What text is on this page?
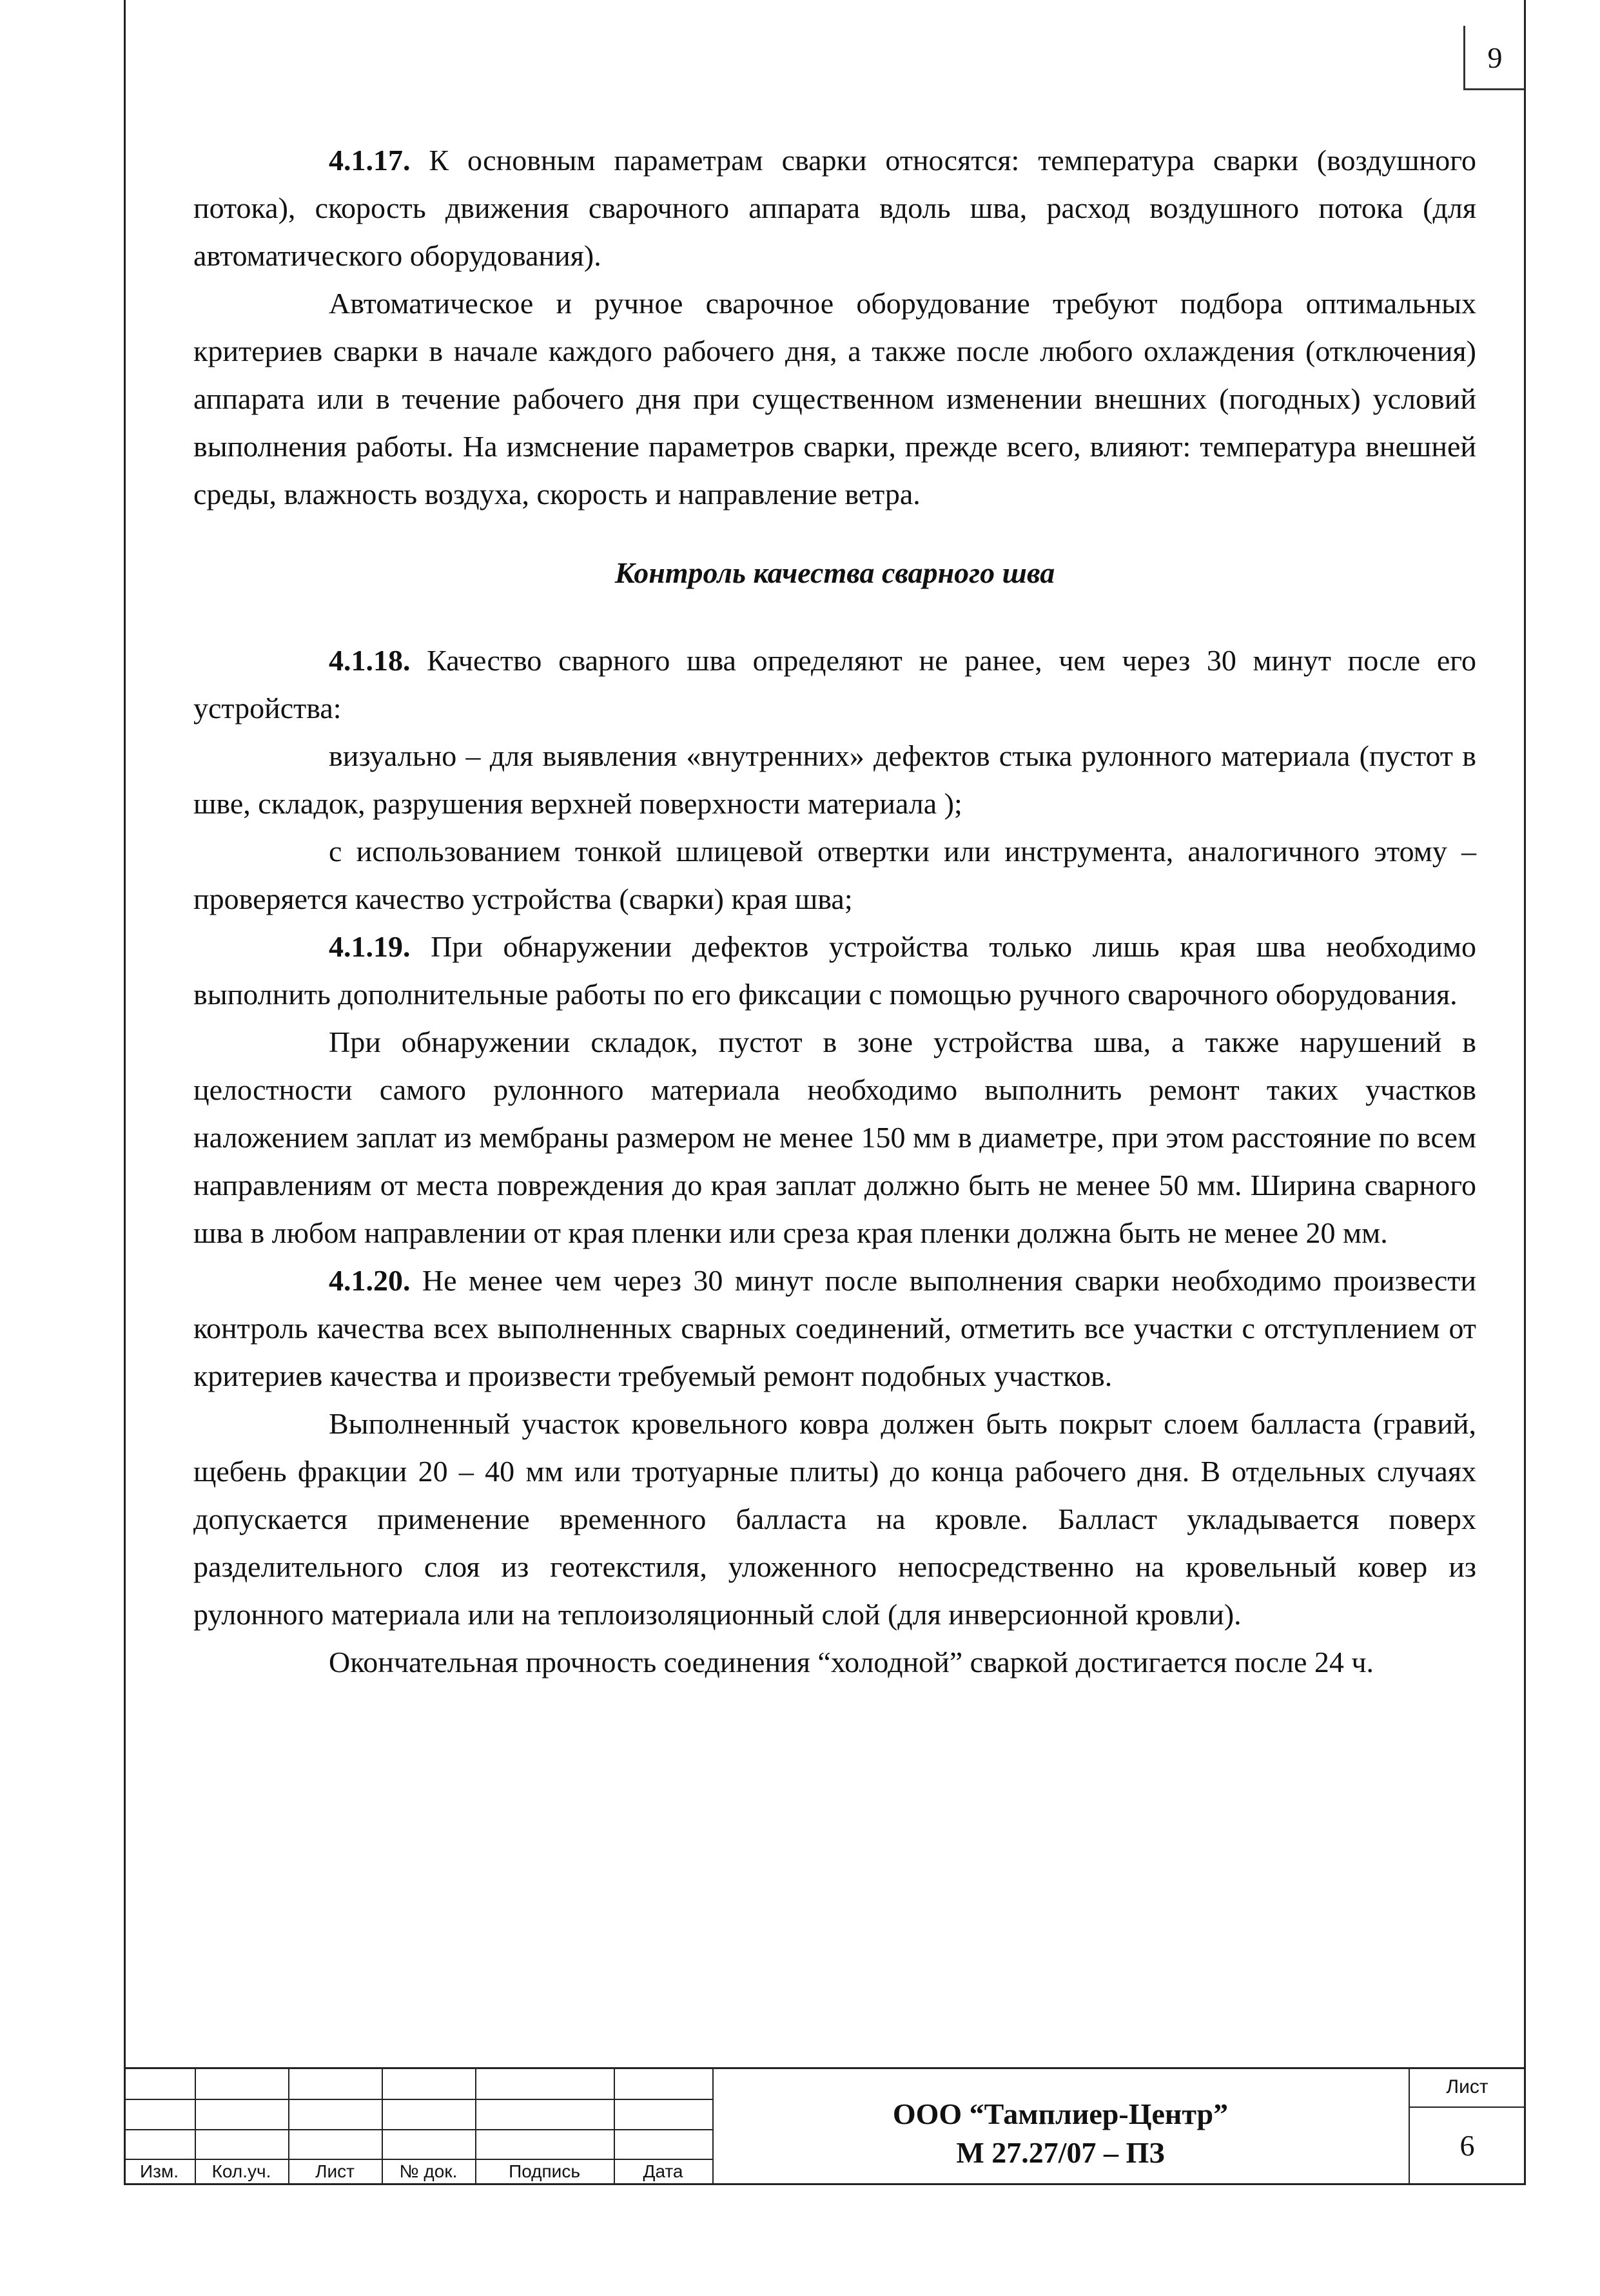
9

4.1.17. К основным параметрам сварки относятся: температура сварки (воздушного потока), скорость движения сварочного аппарата вдоль шва, расход воздушного потока (для автоматического оборудования).

Автоматическое и ручное сварочное оборудование требуют подбора оптимальных критериев сварки в начале каждого рабочего дня, а также после любого охлаждения (отключения) аппарата или в течение рабочего дня при существенном изменении внешних (погодных) условий выполнения работы. На измснение параметров сварки, прежде всего, влияют: температура внешней среды, влажность воздуха, скорость и направление ветра.

Контроль качества сварного шва

4.1.18. Качество сварного шва определяют не ранее, чем через 30 минут после его устройства:

визуально – для выявления «внутренних» дефектов стыка рулонного материала (пустот в шве, складок, разрушения верхней поверхности материала );

с использованием тонкой шлицевой отвертки или инструмента, аналогичного этому – проверяется качество устройства (сварки) края шва;

4.1.19. При обнаружении дефектов устройства только лишь края шва необходимо выполнить дополнительные работы по его фиксации с помощью ручного сварочного оборудования.

При обнаружении складок, пустот в зоне устройства шва, а также нарушений в целостности самого рулонного материала необходимо выполнить ремонт таких участков наложением заплат из мембраны размером не менее 150 мм в диаметре, при этом расстояние по всем направлениям от места повреждения до края заплат должно быть не менее 50 мм. Ширина сварного шва в любом направлении от края пленки или среза края пленки должна быть не менее 20 мм.

4.1.20. Не менее чем через 30 минут после выполнения сварки необходимо произвести контроль качества всех выполненных сварных соединений, отметить все участки с отступлением от критериев качества и произвести требуемый ремонт подобных участков.

Выполненный участок кровельного ковра должен быть покрыт слоем балласта (гравий, щебень фракции 20 – 40 мм или тротуарные плиты) до конца рабочего дня. В отдельных случаях допускается применение временного балласта на кровле. Балласт укладывается поверх разделительного слоя из геотекстиля, уложенного непосредственно на кровельный ковер из рулонного материала или на теплоизоляционный слой (для инверсионной кровли).

Окончательная прочность соединения “холодной” сваркой достигается после 24 ч.

Изм.	Кол.уч.	Лист	№ док.	Подпись	Дата
ООО “Тамплиер-Центр”
М 27.27/07 – ПЗ
Лист
6
